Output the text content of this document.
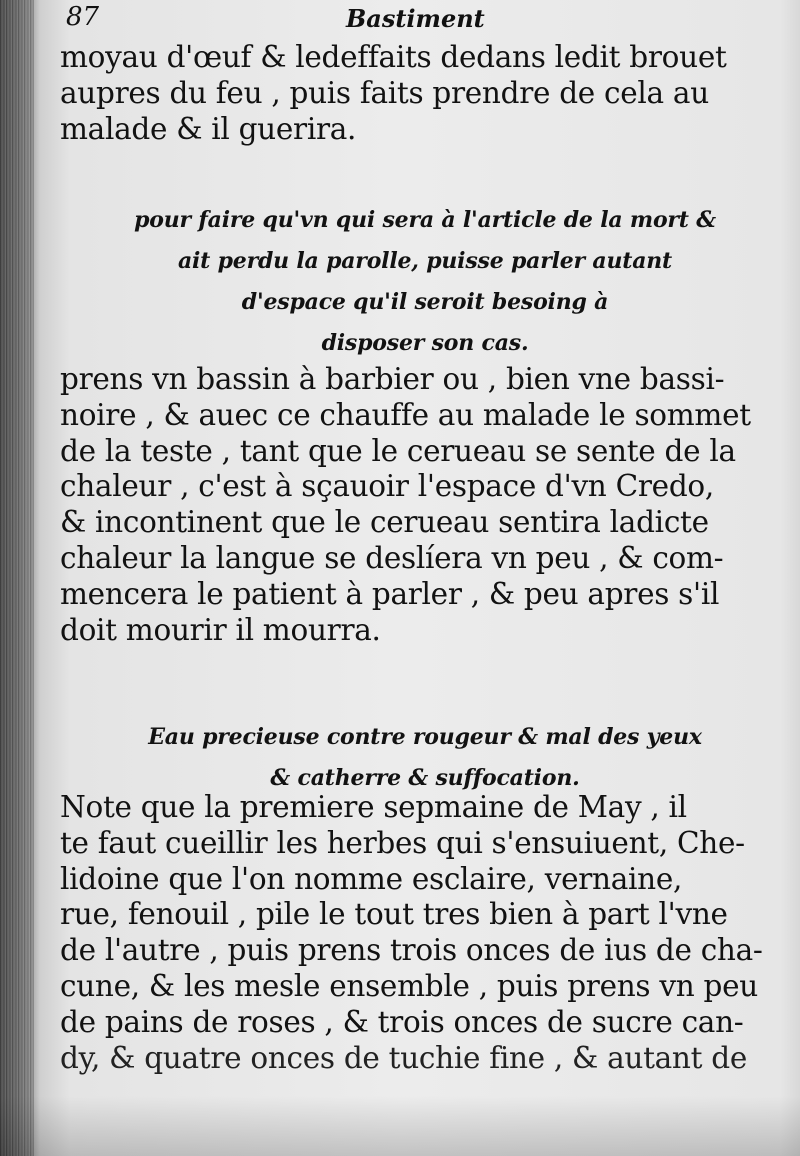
87	Bastiment
moyau d'œuf & ledeffaits dedans ledit brouet
aupres du feu , puis faits prendre de cela au
malade & il guerira.
pour faire qu'vn qui sera à l'article de la mort &
ait perdu la parolle, puisse parler autant
d'espace qu'il seroit besoing à
disposer son cas.
prens vn bassin à barbier ou , bien vne bassi-
noire , & auec ce chauffe au malade le sommet
de la teste , tant que le cerueau se sente de la
chaleur , c'est à sçauoir l'espace d'vn Credo,
& incontinent que le cerueau sentira ladicte
chaleur la langue se deslíera vn peu , & com-
mencera le patient à parler , & peu apres s'il
doit mourir il mourra.
Eau precieuse contre rougeur & mal des yeux
& catherre & suffocation.
Note que la premiere sepmaine de May , il
te faut cueillir les herbes qui s'ensuiuent, Che-
lidoine que l'on nomme esclaire, vernaine,
rue, fenouil , pile le tout tres bien à part l'vne
de l'autre , puis prens trois onces de ius de cha-
cune, & les mesle ensemble , puis prens vn peu
de pains de roses , & trois onces de sucre can-
dy, & quatre onces de tuchie fine , & autant de
